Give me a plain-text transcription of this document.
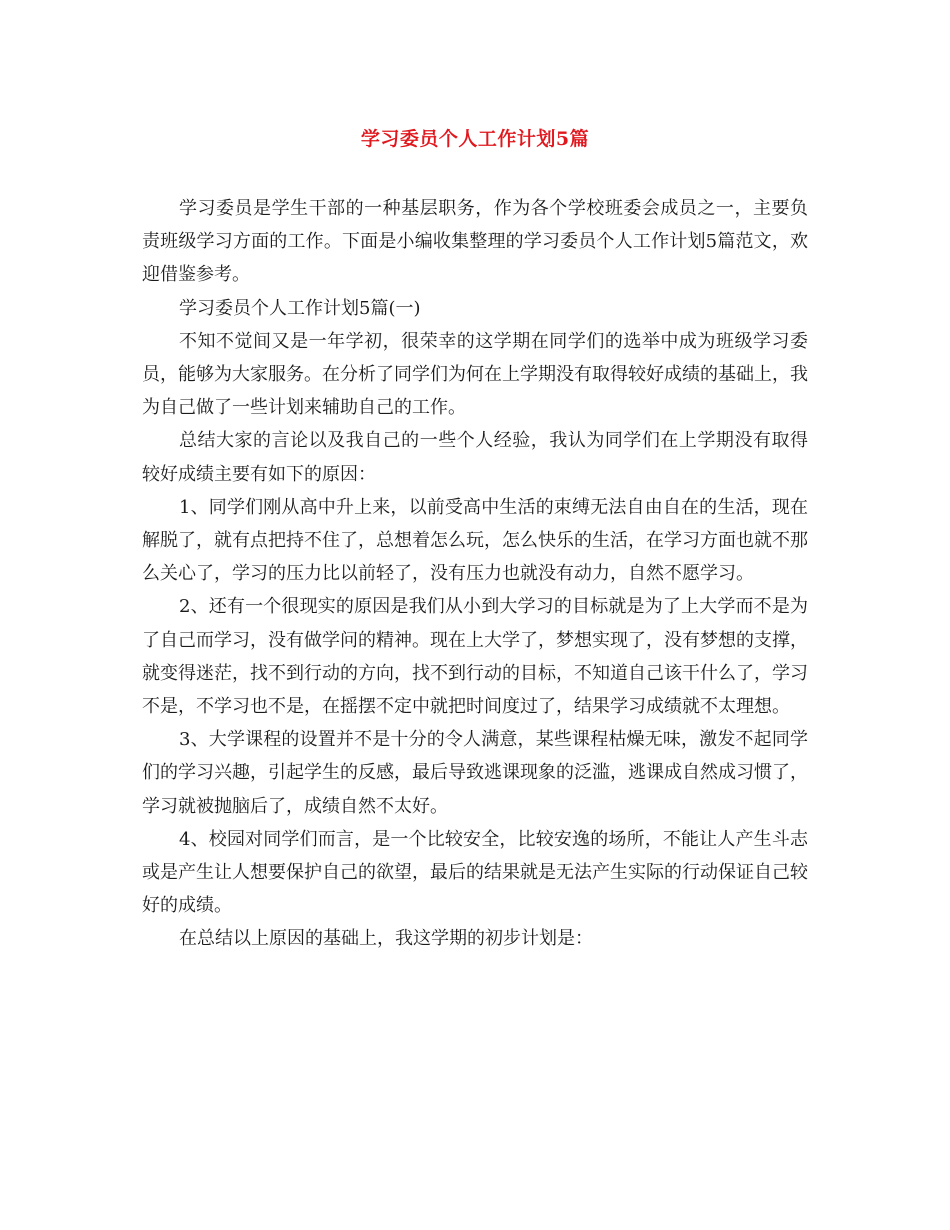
学习委员个人工作计划5篇

学习委员是学生干部的一种基层职务，作为各个学校班委会成员之一，主要负责班级学习方面的工作。下面是小编收集整理的学习委员个人工作计划5篇范文，欢迎借鉴参考。

学习委员个人工作计划5篇(一)

不知不觉间又是一年学初，很荣幸的这学期在同学们的选举中成为班级学习委员，能够为大家服务。在分析了同学们为何在上学期没有取得较好成绩的基础上，我为自己做了一些计划来辅助自己的工作。

总结大家的言论以及我自己的一些个人经验，我认为同学们在上学期没有取得较好成绩主要有如下的原因：

1、同学们刚从高中升上来，以前受高中生活的束缚无法自由自在的生活，现在解脱了，就有点把持不住了，总想着怎么玩，怎么快乐的生活，在学习方面也就不那么关心了，学习的压力比以前轻了，没有压力也就没有动力，自然不愿学习。

2、还有一个很现实的原因是我们从小到大学习的目标就是为了上大学而不是为了自己而学习，没有做学问的精神。现在上大学了，梦想实现了，没有梦想的支撑，就变得迷茫，找不到行动的方向，找不到行动的目标，不知道自己该干什么了，学习不是，不学习也不是，在摇摆不定中就把时间度过了，结果学习成绩就不太理想。

3、大学课程的设置并不是十分的令人满意，某些课程枯燥无味，激发不起同学们的学习兴趣，引起学生的反感，最后导致逃课现象的泛滥，逃课成自然成习惯了，学习就被抛脑后了，成绩自然不太好。

4、校园对同学们而言，是一个比较安全，比较安逸的场所，不能让人产生斗志或是产生让人想要保护自己的欲望，最后的结果就是无法产生实际的行动保证自己较好的成绩。

在总结以上原因的基础上，我这学期的初步计划是：
